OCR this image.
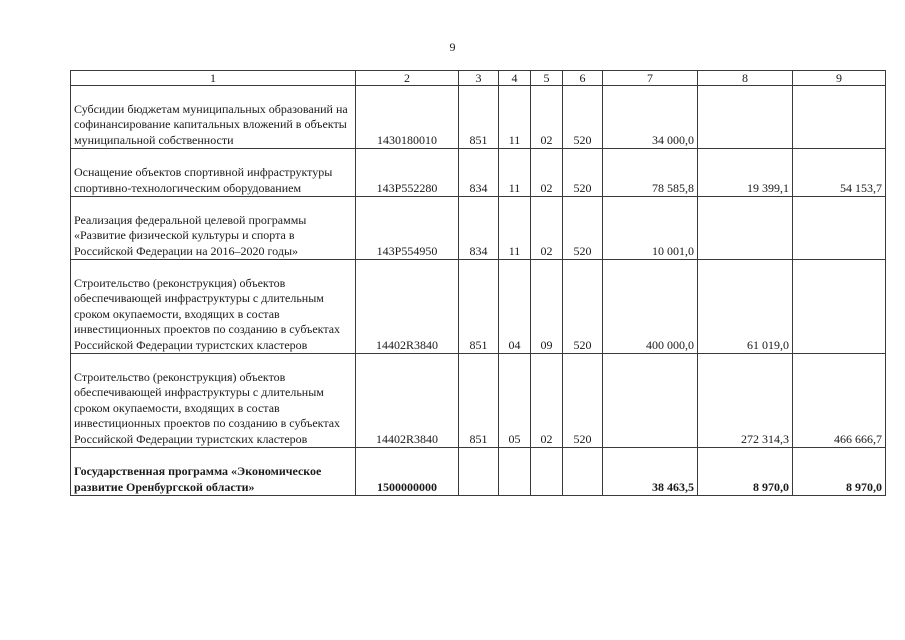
9
1	2	3	4	5	6	7	8	9
Субсидии бюджетам муниципальных образований на софинансирование капитальных вложений в объекты муниципальной собственности	1430180010	851	11	02	520	34 000,0		
Оснащение объектов спортивной инфраструктуры спортивно-технологическим оборудованием	143P552280	834	11	02	520	78 585,8	19 399,1	54 153,7
Реализация федеральной целевой программы «Развитие физической культуры и спорта в Российской Федерации на 2016–2020 годы»	143P554950	834	11	02	520	10 001,0		
Строительство (реконструкция) объектов обеспечивающей инфраструктуры с длительным сроком окупаемости, входящих в состав инвестиционных проектов по созданию в субъектах Российской Федерации туристских кластеров	14402R3840	851	04	09	520	400 000,0	61 019,0	
Строительство (реконструкция) объектов обеспечивающей инфраструктуры с длительным сроком окупаемости, входящих в состав инвестиционных проектов по созданию в субъектах Российской Федерации туристских кластеров	14402R3840	851	05	02	520		272 314,3	466 666,7
Государственная программа «Экономическое развитие Оренбургской области»	1500000000					38 463,5	8 970,0	8 970,0
